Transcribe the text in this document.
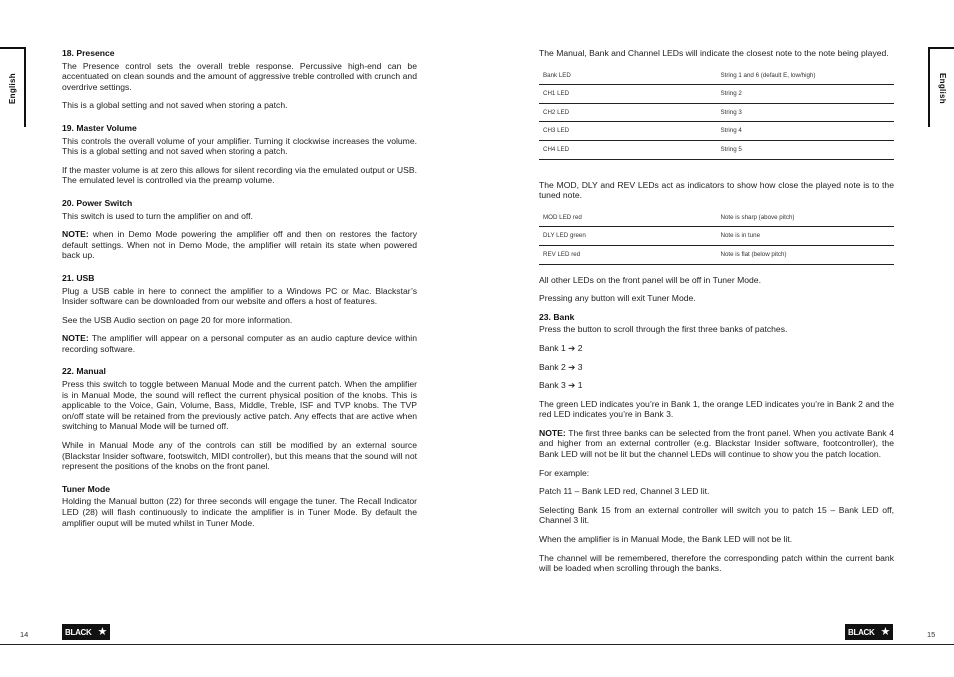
English
18. Presence

The Presence control sets the overall treble response. Percussive high-end can be accentuated on clean sounds and the amount of aggressive treble controlled with crunch and overdrive settings.

This is a global setting and not saved when storing a patch.

19. Master Volume

This controls the overall volume of your amplifier. Turning it clockwise increases the volume. This is a global setting and not saved when storing a patch.

If the master volume is at zero this allows for silent recording via the emulated output or USB. The emulated level is controlled via the preamp volume.

20. Power Switch

This switch is used to turn the amplifier on and off.

NOTE: when in Demo Mode powering the amplifier off and then on restores the factory default settings. When not in Demo Mode, the amplifier will retain its state when powered back up.

21. USB

Plug a USB cable in here to connect the amplifier to a Windows PC or Mac. Blackstar’s Insider software can be downloaded from our website and offers a host of features.

See the USB Audio section on page 20 for more information.

NOTE: The amplifier will appear on a personal computer as an audio capture device within recording software.

22. Manual

Press this switch to toggle between Manual Mode and the current patch. When the amplifier is in Manual Mode, the sound will reflect the current physical position of the knobs. This is applicable to the Voice, Gain, Volume, Bass, Middle, Treble, ISF and TVP knobs. The TVP on/off state will be retained from the previously active patch. Any effects that are active when switching to Manual Mode will be turned off.

While in Manual Mode any of the controls can still be modified by an external source (Blackstar Insider software, footswitch, MIDI controller), but this means that the sound will not represent the positions of the knobs on the front panel.

Tuner Mode

Holding the Manual button (22) for three seconds will engage the tuner. The Recall Indicator LED (28) will flash continuously to indicate the amplifier is in Tuner Mode. By default the amplifier ouput will be muted whilst in Tuner Mode.

14	BLACK ★
English

The Manual, Bank and Channel LEDs will indicate the closest note to the note being played.

Bank LED	String 1 and 6 (default E, low/high)
CH1 LED	String 2
CH2 LED	String 3
CH3 LED	String 4
CH4 LED	String 5

The MOD, DLY and REV LEDs act as indicators to show how close the played note is to the tuned note.

MOD LED red	Note is sharp (above pitch)
DLY LED green	Note is in tune
REV LED red	Note is flat (below pitch)

All other LEDs on the front panel will be off in Tuner Mode.

Pressing any button will exit Tuner Mode.

23. Bank

Press the button to scroll through the first three banks of patches.

Bank 1 ➔ 2

Bank 2 ➔ 3

Bank 3 ➔ 1

The green LED indicates you’re in Bank 1, the orange LED indicates you’re in Bank 2 and the red LED indicates you’re in Bank 3.

NOTE: The first three banks can be selected from the front panel. When you activate Bank 4 and higher from an external controller (e.g. Blackstar Insider software, footcontroller), the Bank LED will not be lit but the channel LEDs will continue to show you the patch location.

For example:

Patch 11 – Bank LED red, Channel 3 LED lit.

Selecting Bank 15 from an external controller will switch you to patch 15 – Bank LED off, Channel 3 lit.

When the amplifier is in Manual Mode, the Bank LED will not be lit.

The channel will be remembered, therefore the corresponding patch within the current bank will be loaded when scrolling through the banks.

15
BLACK ★
